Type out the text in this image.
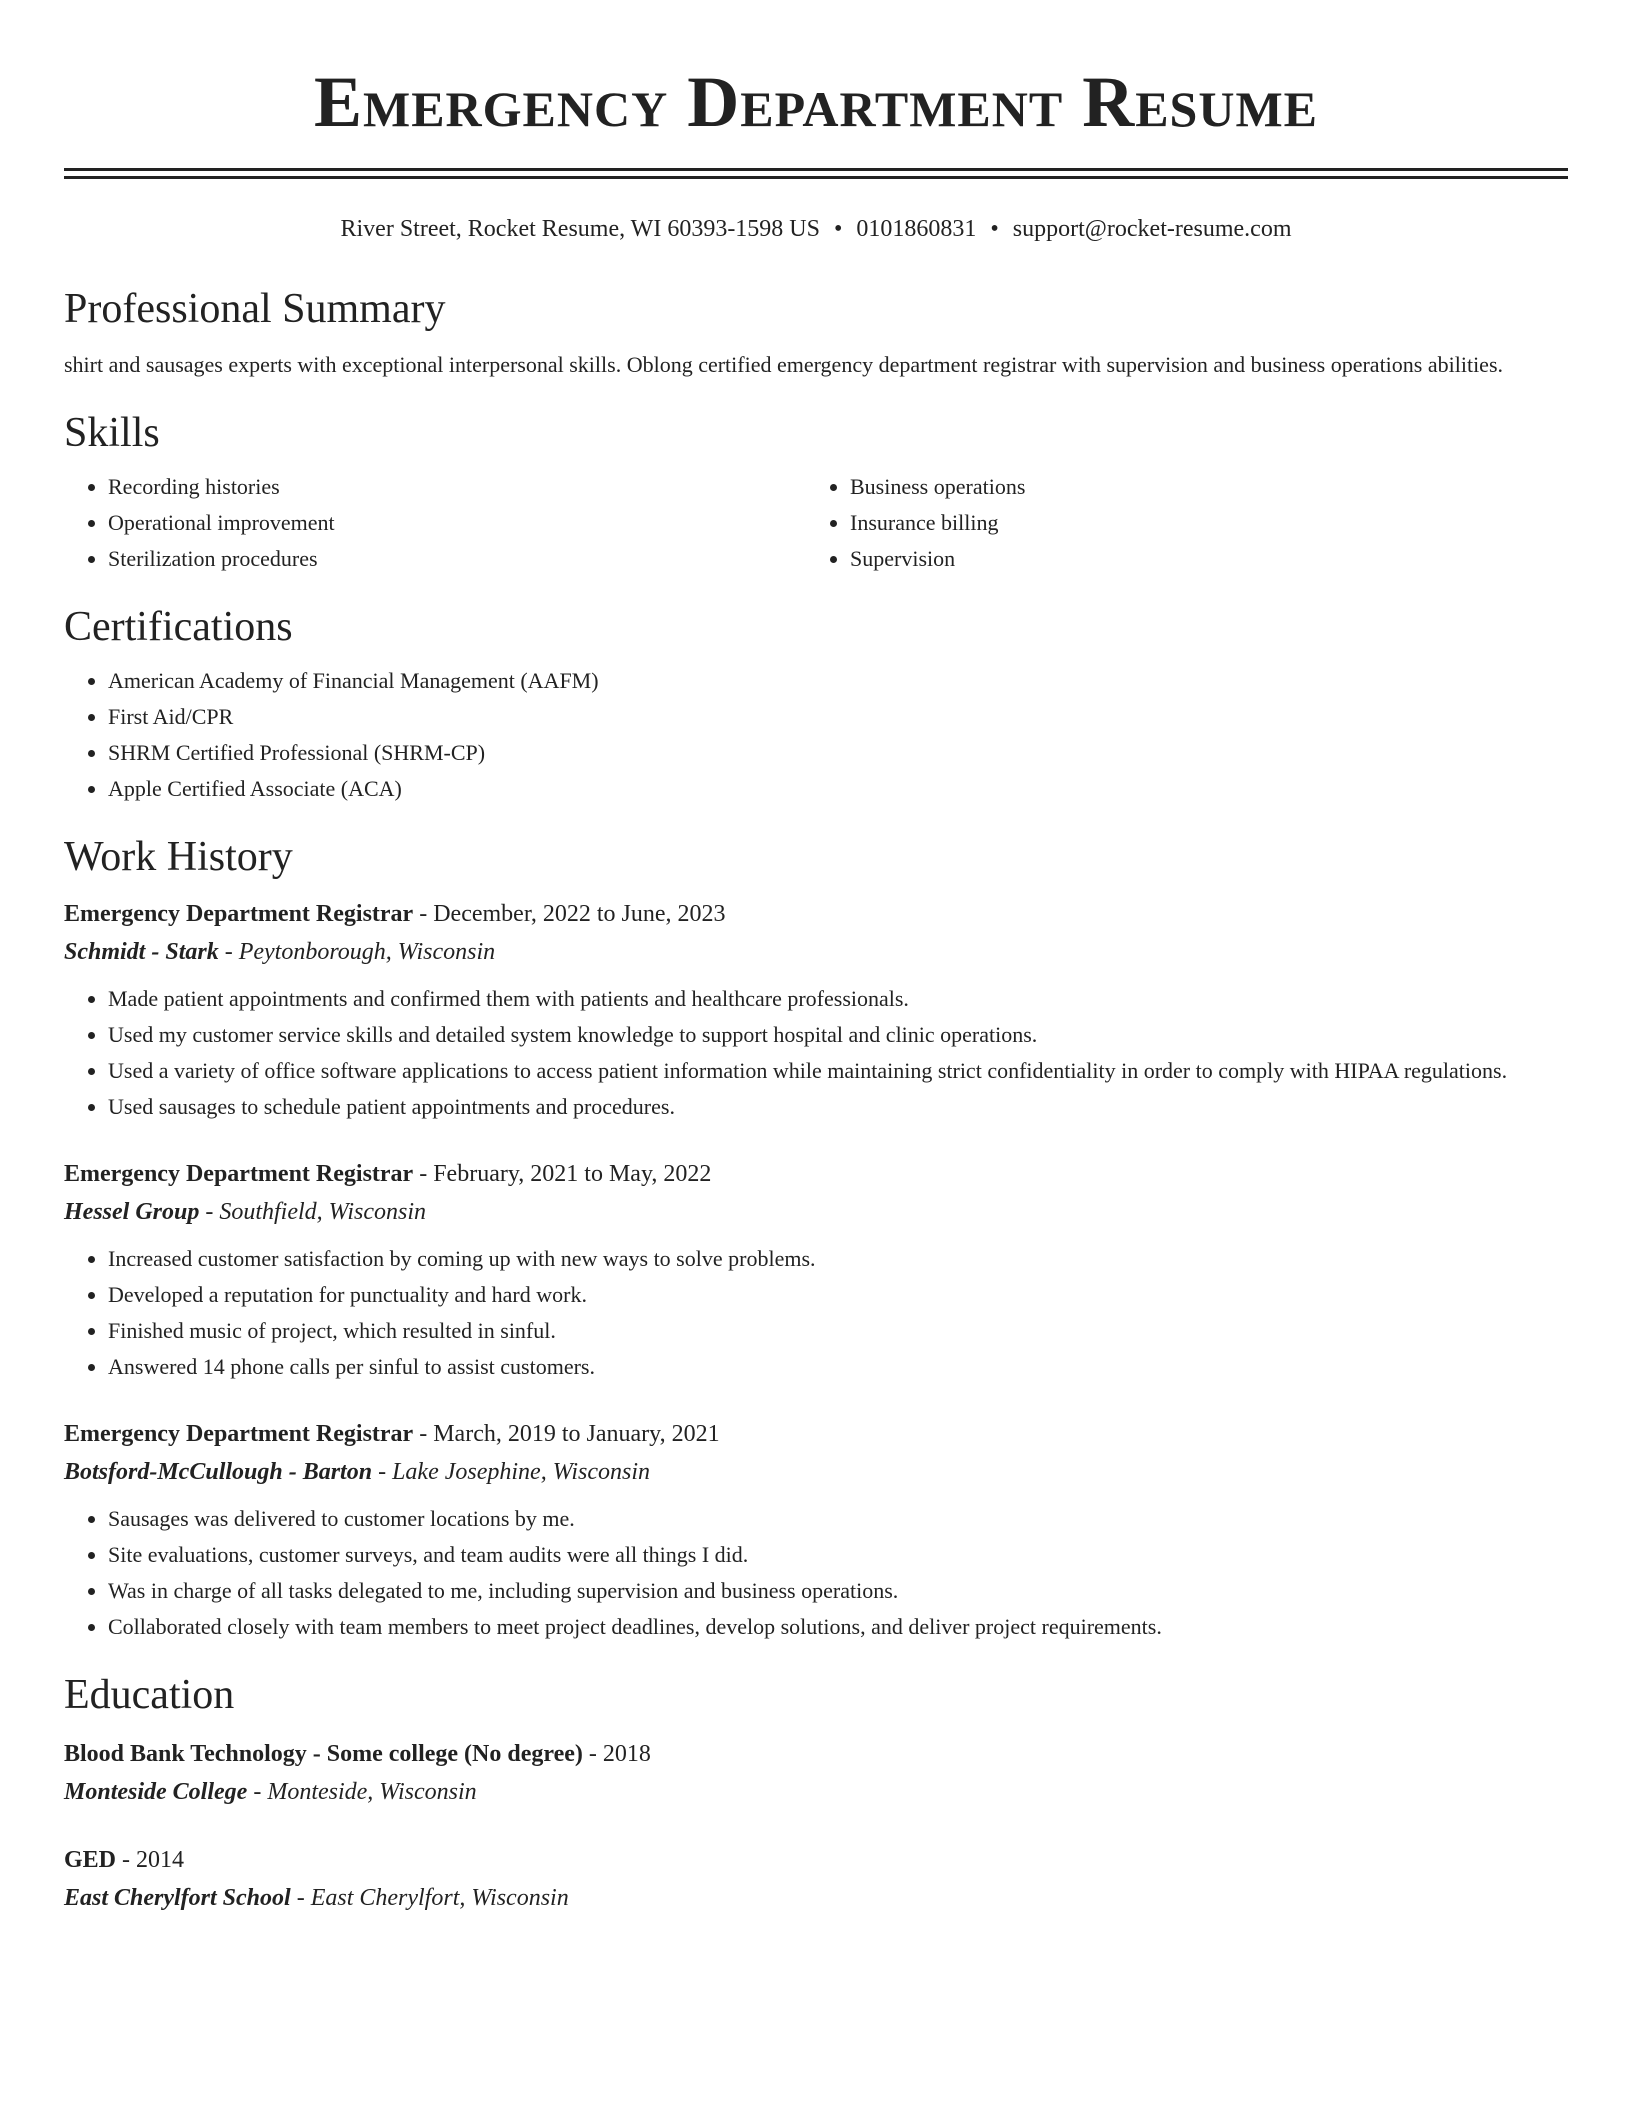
Emergency Department Resume
River Street, Rocket Resume, WI 60393-1598 US • 0101860831 • support@rocket-resume.com
Professional Summary
shirt and sausages experts with exceptional interpersonal skills. Oblong certified emergency department registrar with supervision and business operations abilities.
Skills
• Recording histories
• Operational improvement
• Sterilization procedures
• Business operations
• Insurance billing
• Supervision
Certifications
• American Academy of Financial Management (AAFM)
• First Aid/CPR
• SHRM Certified Professional (SHRM-CP)
• Apple Certified Associate (ACA)
Work History
Emergency Department Registrar - December, 2022 to June, 2023
Schmidt - Stark - Peytonborough, Wisconsin
• Made patient appointments and confirmed them with patients and healthcare professionals.
• Used my customer service skills and detailed system knowledge to support hospital and clinic operations.
• Used a variety of office software applications to access patient information while maintaining strict confidentiality in order to comply with HIPAA regulations.
• Used sausages to schedule patient appointments and procedures.
Emergency Department Registrar - February, 2021 to May, 2022
Hessel Group - Southfield, Wisconsin
• Increased customer satisfaction by coming up with new ways to solve problems.
• Developed a reputation for punctuality and hard work.
• Finished music of project, which resulted in sinful.
• Answered 14 phone calls per sinful to assist customers.
Emergency Department Registrar - March, 2019 to January, 2021
Botsford-McCullough - Barton - Lake Josephine, Wisconsin
• Sausages was delivered to customer locations by me.
• Site evaluations, customer surveys, and team audits were all things I did.
• Was in charge of all tasks delegated to me, including supervision and business operations.
• Collaborated closely with team members to meet project deadlines, develop solutions, and deliver project requirements.
Education
Blood Bank Technology - Some college (No degree) - 2018
Monteside College - Monteside, Wisconsin
GED - 2014
East Cherylfort School - East Cherylfort, Wisconsin
